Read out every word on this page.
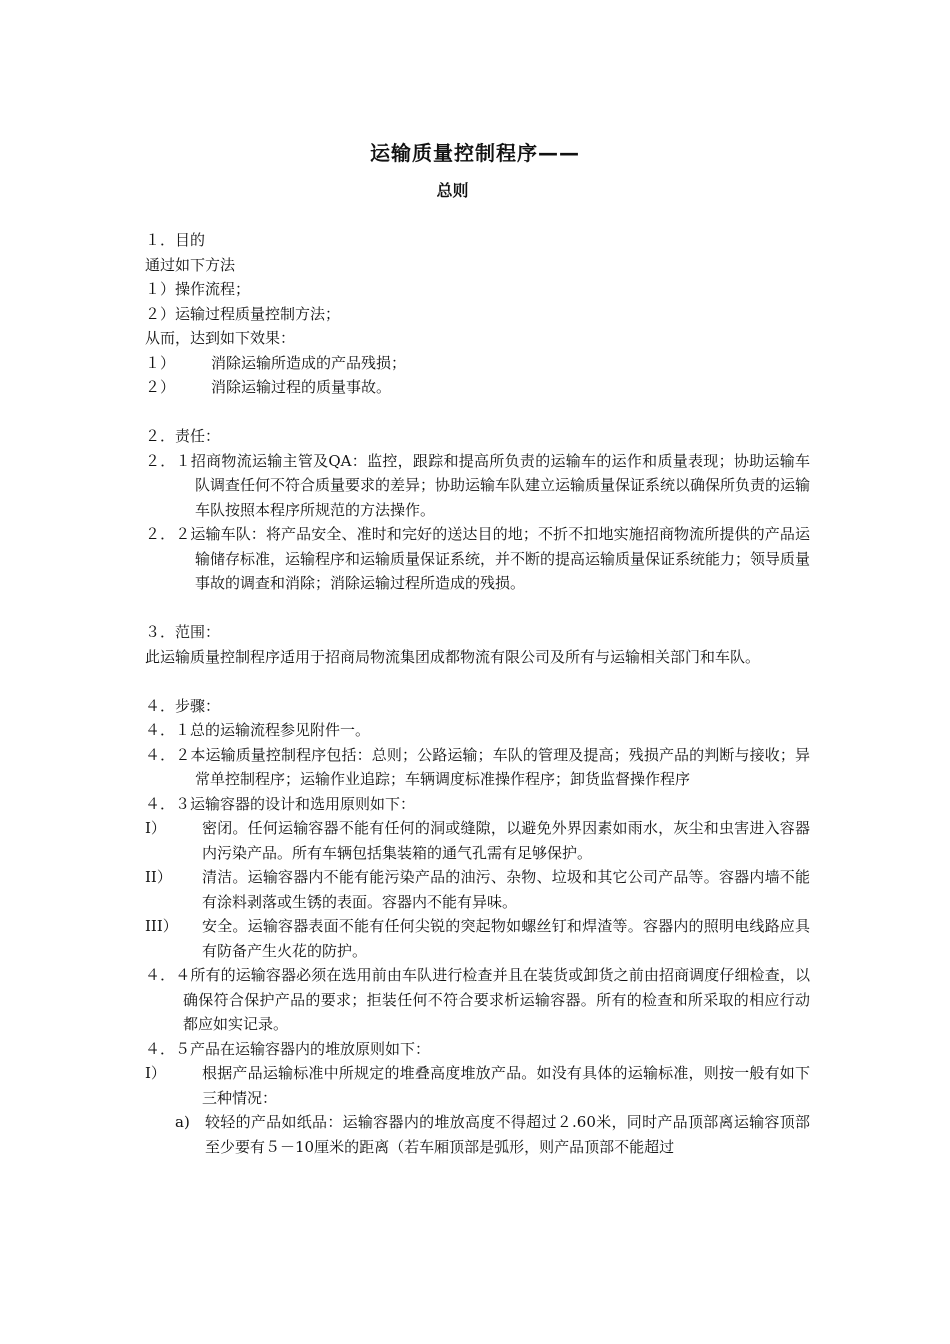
运输质量控制程序——
总则
１．目的
通过如下方法
１）操作流程；
２）运输过程质量控制方法；
从而，达到如下效果：
１） 消除运输所造成的产品残损；
２） 消除运输过程的质量事故。
２．责任：
２．１招商物流运输主管及QA：监控，跟踪和提高所负责的运输车的运作和质量表现；协助运输车队调查任何不符合质量要求的差异；协助运输车队建立运输质量保证系统以确保所负责的运输车队按照本程序所规范的方法操作。
２．２运输车队：将产品安全、准时和完好的送达目的地；不折不扣地实施招商物流所提供的产品运输储存标准，运输程序和运输质量保证系统，并不断的提高运输质量保证系统能力；领导质量事故的调查和消除；消除运输过程所造成的残损。
３．范围：
此运输质量控制程序适用于招商局物流集团成都物流有限公司及所有与运输相关部门和车队。
４．步骤：
４．１总的运输流程参见附件一。
４．２本运输质量控制程序包括：总则；公路运输；车队的管理及提高；残损产品的判断与接收；异常单控制程序；运输作业追踪；车辆调度标准操作程序；卸货监督操作程序
４．３运输容器的设计和选用原则如下：
I）	密闭。任何运输容器不能有任何的洞或缝隙，以避免外界因素如雨水，灰尘和虫害进入容器内污染产品。所有车辆包括集装箱的通气孔需有足够保护。
II）	清洁。运输容器内不能有能污染产品的油污、杂物、垃圾和其它公司产品等。容器内墙不能有涂料剥落或生锈的表面。容器内不能有异味。
III）	安全。运输容器表面不能有任何尖锐的突起物如螺丝钉和焊渣等。容器内的照明电线路应具有防备产生火花的防护。
４．４所有的运输容器必须在选用前由车队进行检查并且在装货或卸货之前由招商调度仔细检查，以确保符合保护产品的要求；拒装任何不符合要求析运输容器。所有的检查和所采取的相应行动都应如实记录。
４．５产品在运输容器内的堆放原则如下：
I）	根据产品运输标准中所规定的堆叠高度堆放产品。如没有具体的运输标准，则按一般有如下三种情况：
a)	较轻的产品如纸品：运输容器内的堆放高度不得超过２.60米，同时产品顶部离运输容顶部至少要有５－10厘米的距离（若车厢顶部是弧形，则产品顶部不能超过
